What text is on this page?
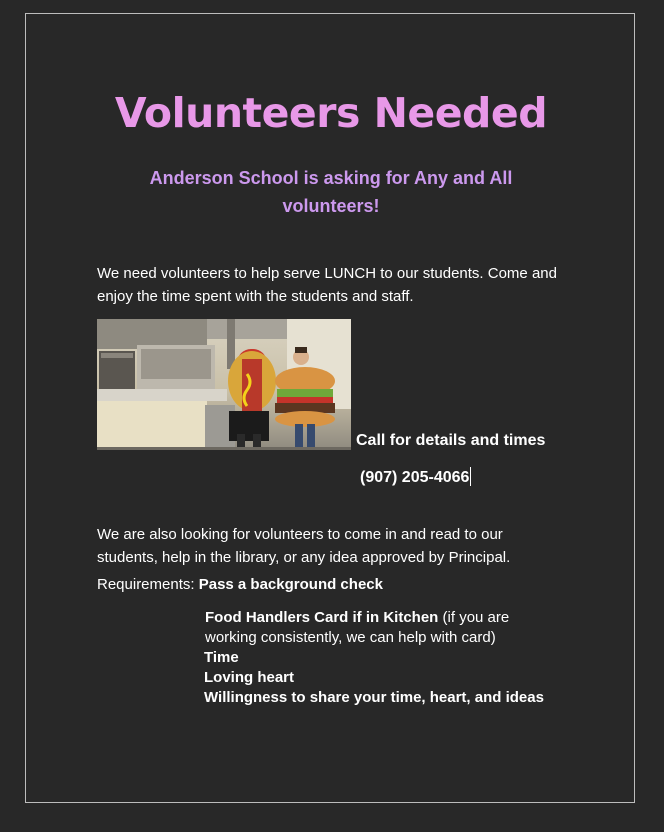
Volunteers Needed

Anderson School is asking for Any and All volunteers!

We need volunteers to help serve LUNCH to our students. Come and enjoy the time spent with the students and staff.

Call for details and times

(907) 205-4066

We are also looking for volunteers to come in and read to our students, help in the library, or any idea approved by Principal.

Requirements: Pass a background check

Food Handlers Card if in Kitchen (if you are working consistently, we can help with card)
Time
Loving heart
Willingness to share your time, heart, and ideas
